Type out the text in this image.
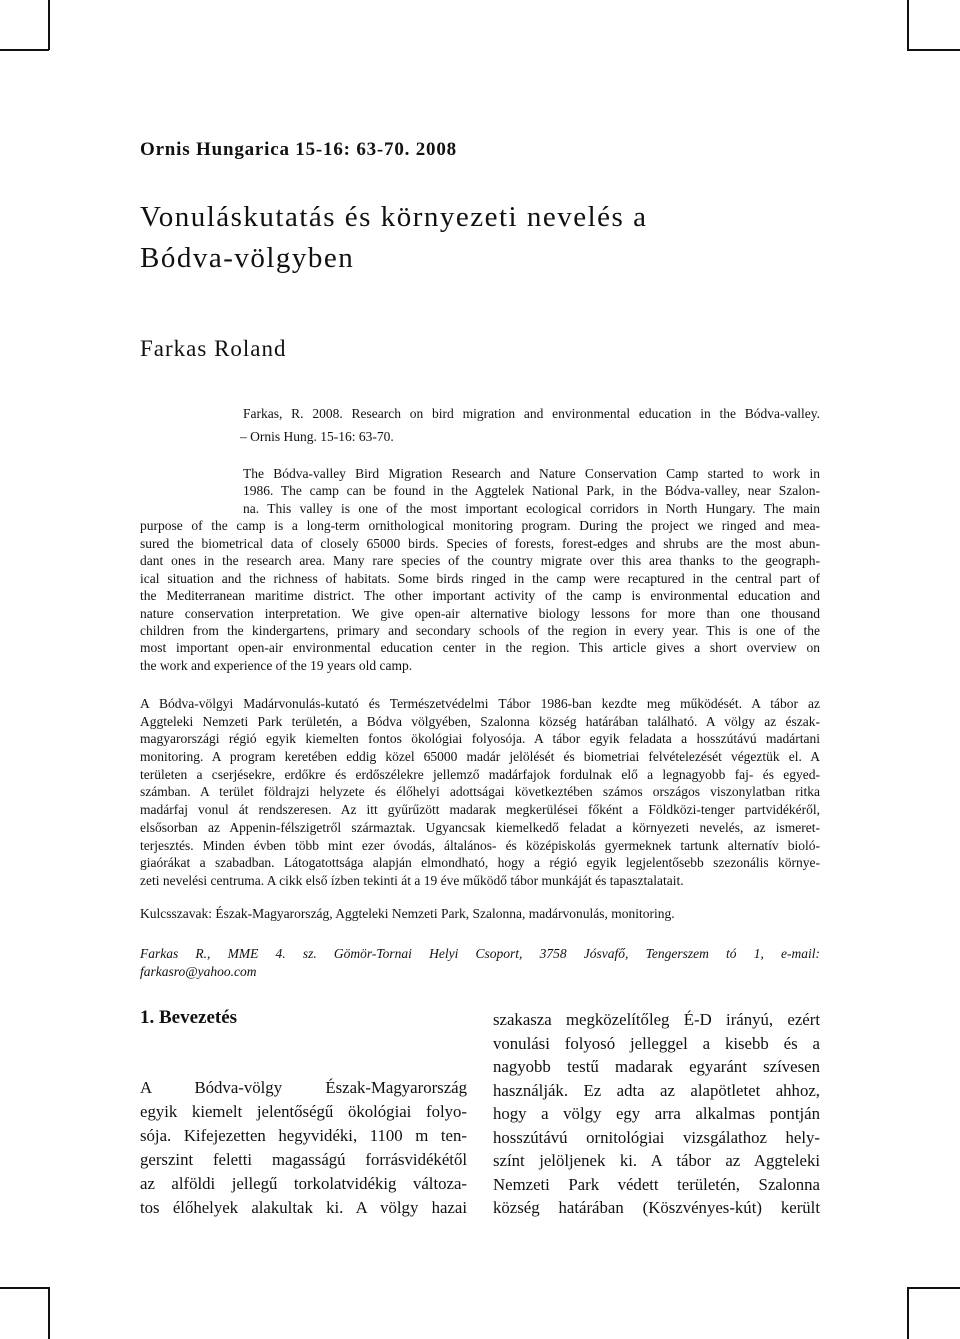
Ornis Hungarica 15-16: 63-70. 2008
Vonuláskutatás és környezeti nevelés a
Bódva-völgyben
Farkas Roland
Farkas, R. 2008. Research on bird migration and environmental education in the Bódva-valley.
– Ornis Hung. 15-16: 63-70.
The Bódva-valley Bird Migration Research and Nature Conservation Camp started to work in
1986. The camp can be found in the Aggtelek National Park, in the Bódva-valley, near Szalon-
na. This valley is one of the most important ecological corridors in North Hungary. The main
purpose of the camp is a long-term ornithological monitoring program. During the project we ringed and mea-
sured the biometrical data of closely 65000 birds. Species of forests, forest-edges and shrubs are the most abun-
dant ones in the research area. Many rare species of the country migrate over this area thanks to the geograph-
ical situation and the richness of habitats. Some birds ringed in the camp were recaptured in the central part of
the Mediterranean maritime district. The other important activity of the camp is environmental education and
nature conservation interpretation. We give open-air alternative biology lessons for more than one thousand
children from the kindergartens, primary and secondary schools of the region in every year. This is one of the
most important open-air environmental education center in the region. This article gives a short overview on
the work and experience of the 19 years old camp.
A Bódva-völgyi Madárvonulás-kutató és Természetvédelmi Tábor 1986-ban kezdte meg működését. A tábor az
Aggteleki Nemzeti Park területén, a Bódva völgyében, Szalonna község határában található. A völgy az észak-
magyarországi régió egyik kiemelten fontos ökológiai folyosója. A tábor egyik feladata a hosszútávú madártani
monitoring. A program keretében eddig közel 65000 madár jelölését és biometriai felvételezését végeztük el. A
területen a cserjésekre, erdőkre és erdőszélekre jellemző madárfajok fordulnak elő a legnagyobb faj- és egyed-
számban. A terület földrajzi helyzete és élőhelyi adottságai következtében számos országos viszonylatban ritka
madárfaj vonul át rendszeresen. Az itt gyűrűzött madarak megkerülései főként a Földközi-tenger partvidékéről,
elsősorban az Appenin-félszigetről származtak. Ugyancsak kiemelkedő feladat a környezeti nevelés, az ismeret-
terjesztés. Minden évben több mint ezer óvodás, általános- és középiskolás gyermeknek tartunk alternatív bioló-
giaórákat a szabadban. Látogatottsága alapján elmondható, hogy a régió egyik legjelentősebb szezonális környe-
zeti nevelési centruma. A cikk első ízben tekinti át a 19 éve működő tábor munkáját és tapasztalatait.
Kulcsszavak: Észak-Magyarország, Aggteleki Nemzeti Park, Szalonna, madárvonulás, monitoring.
Farkas R., MME 4. sz. Gömör-Tornai Helyi Csoport, 3758 Jósvafő, Tengerszem tó 1, e-mail:
farkasro@yahoo.com
1. Bevezetés
A Bódva-völgy Észak-Magyarország
egyik kiemelt jelentőségű ökológiai folyo-
sója. Kifejezetten hegyvidéki, 1100 m ten-
gerszint feletti magasságú forrásvidékétől
az alföldi jellegű torkolatvidékig változa-
tos élőhelyek alakultak ki. A völgy hazai
szakasza megközelítőleg É-D irányú, ezért
vonulási folyosó jelleggel a kisebb és a
nagyobb testű madarak egyaránt szívesen
használják. Ez adta az alapötletet ahhoz,
hogy a völgy egy arra alkalmas pontján
hosszútávú ornitológiai vizsgálathoz hely-
színt jelöljenek ki. A tábor az Aggteleki
Nemzeti Park védett területén, Szalonna
község határában (Köszvényes-kút) került
